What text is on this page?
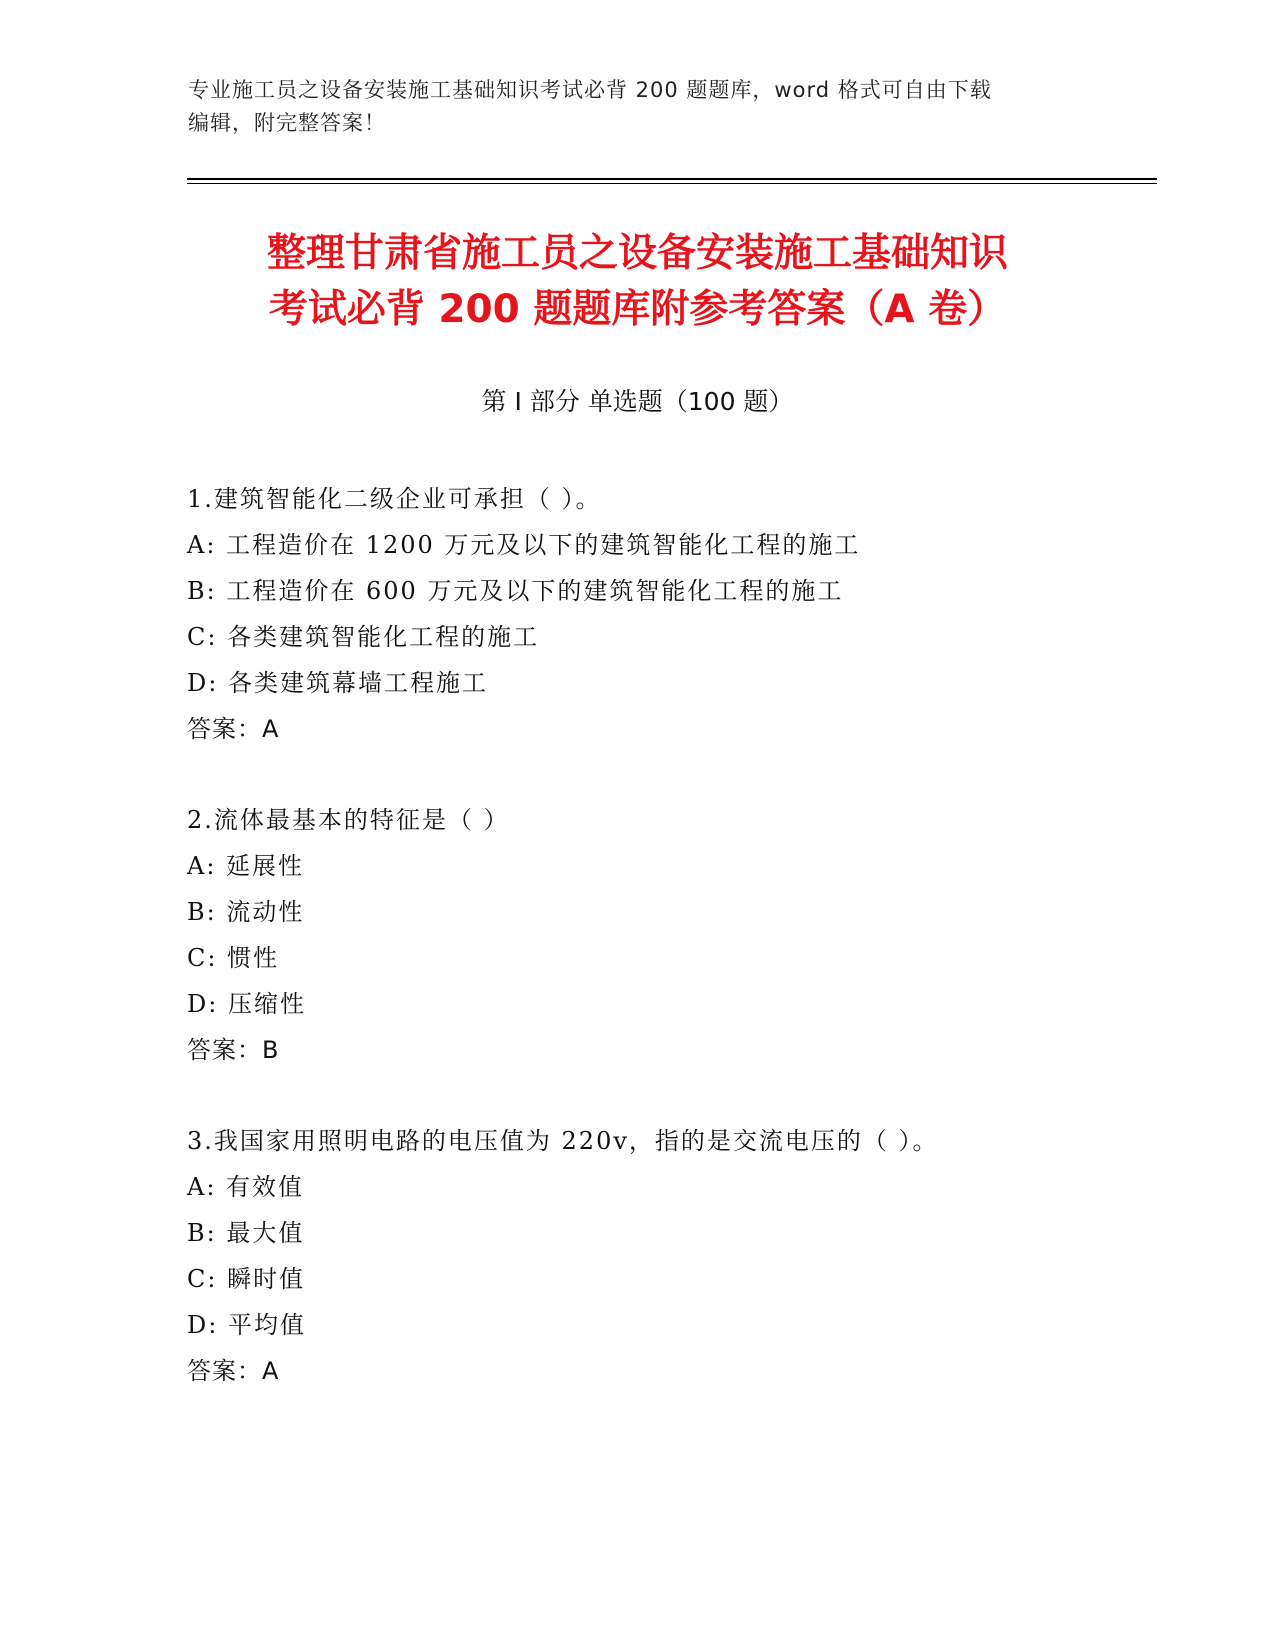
专业施工员之设备安装施工基础知识考试必背 200 题题库，word 格式可自由下载
编辑，附完整答案！
整理甘肃省施工员之设备安装施工基础知识
考试必背 200 题题库附参考答案（A 卷）
第 I 部分 单选题（100 题）
1.建筑智能化二级企业可承担（ ）。
A: 工程造价在 1200 万元及以下的建筑智能化工程的施工
B: 工程造价在 600 万元及以下的建筑智能化工程的施工
C: 各类建筑智能化工程的施工
D: 各类建筑幕墙工程施工
答案：A
2.流体最基本的特征是（ ）
A: 延展性
B: 流动性
C: 惯性
D: 压缩性
答案：B
3.我国家用照明电路的电压值为 220v，指的是交流电压的（ ）。
A: 有效值
B: 最大值
C: 瞬时值
D: 平均值
答案：A
